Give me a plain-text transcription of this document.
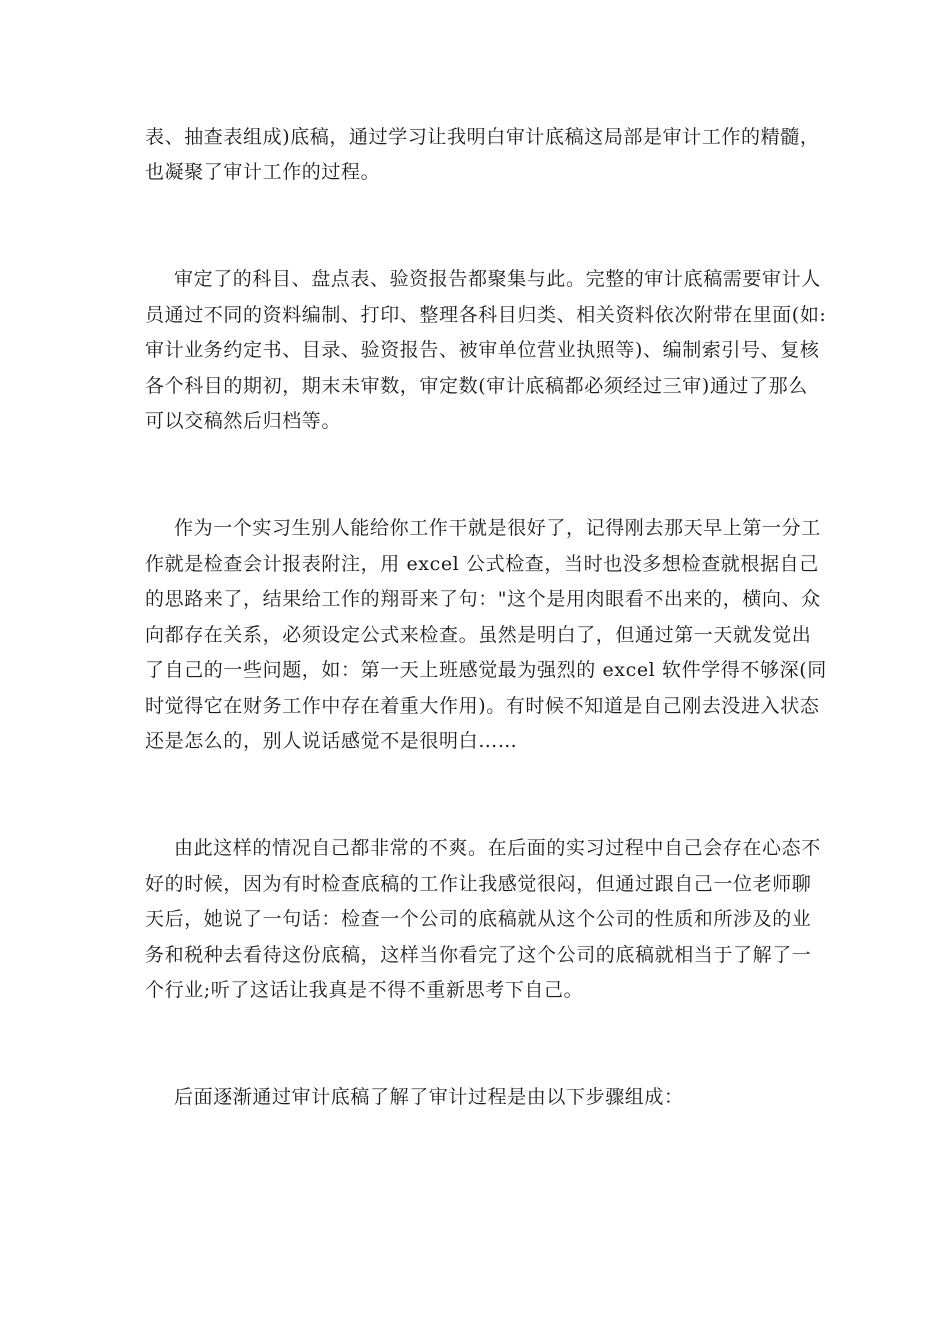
表、抽查表组成)底稿，通过学习让我明白审计底稿这局部是审计工作的精髓，
也凝聚了审计工作的过程。
审定了的科目、盘点表、验资报告都聚集与此。完整的审计底稿需要审计人
员通过不同的资料编制、打印、整理各科目归类、相关资料依次附带在里面(如:
审计业务约定书、目录、验资报告、被审单位营业执照等)、编制索引号、复核
各个科目的期初，期末未审数，审定数(审计底稿都必须经过三审)通过了那么
可以交稿然后归档等。
作为一个实习生别人能给你工作干就是很好了，记得刚去那天早上第一分工
作就是检查会计报表附注，用 excel 公式检查，当时也没多想检查就根据自己
的思路来了，结果给工作的翔哥来了句："这个是用肉眼看不出来的，横向、众
向都存在关系，必须设定公式来检查。虽然是明白了，但通过第一天就发觉出
了自己的一些问题，如：第一天上班感觉最为强烈的 excel 软件学得不够深(同
时觉得它在财务工作中存在着重大作用)。有时候不知道是自己刚去没进入状态
还是怎么的，别人说话感觉不是很明白……
由此这样的情况自己都非常的不爽。在后面的实习过程中自己会存在心态不
好的时候，因为有时检查底稿的工作让我感觉很闷，但通过跟自己一位老师聊
天后，她说了一句话：检查一个公司的底稿就从这个公司的性质和所涉及的业
务和税种去看待这份底稿，这样当你看完了这个公司的底稿就相当于了解了一
个行业;听了这话让我真是不得不重新思考下自己。
后面逐渐通过审计底稿了解了审计过程是由以下步骤组成：
